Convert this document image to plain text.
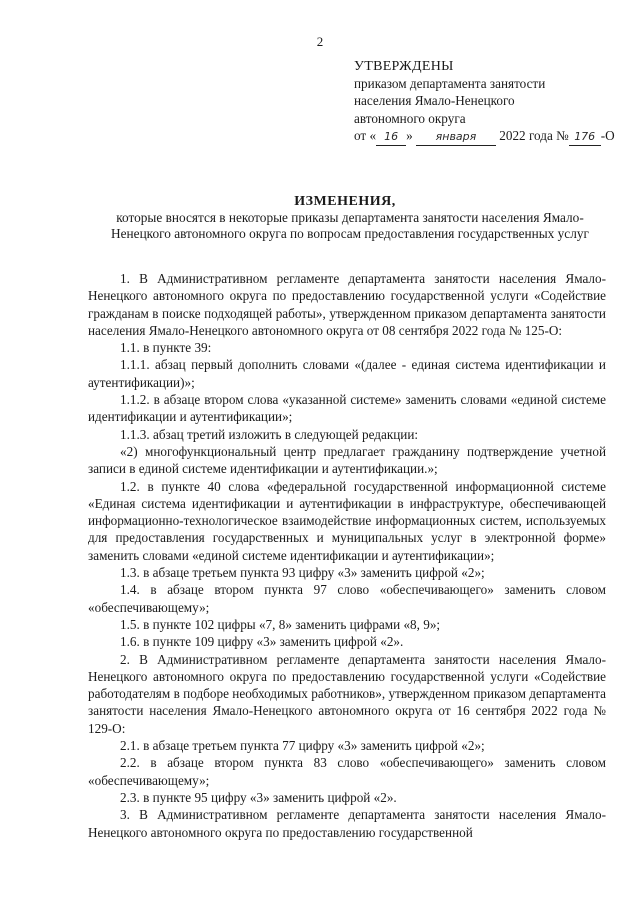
2
УТВЕРЖДЕНЫ
приказом департамента занятости
населения Ямало-Ненецкого
автономного округа
от « 16 » января 2022 года № 176 -О
ИЗМЕНЕНИЯ,
которые вносятся в некоторые приказы департамента занятости населения Ямало-Ненецкого автономного округа по вопросам предоставления государственных услуг

1. В Административном регламенте департамента занятости населения Ямало-Ненецкого автономного округа по предоставлению государственной услуги «Содействие гражданам в поиске подходящей работы», утвержденном приказом департамента занятости населения Ямало-Ненецкого автономного округа от 08 сентября 2022 года № 125-О:

1.1. в пункте 39:

1.1.1. абзац первый дополнить словами «(далее - единая система идентификации и аутентификации)»;

1.1.2. в абзаце втором слова «указанной системе» заменить словами «единой системе идентификации и аутентификации»;

1.1.3. абзац третий изложить в следующей редакции:

«2) многофункциональный центр предлагает гражданину подтверждение учетной записи в единой системе идентификации и аутентификации.»;

1.2. в пункте 40 слова «федеральной государственной информационной системе «Единая система идентификации и аутентификации в инфраструктуре, обеспечивающей информационно-технологическое взаимодействие информационных систем, используемых для предоставления государственных и муниципальных услуг в электронной форме» заменить словами «единой системе идентификации и аутентификации»;

1.3. в абзаце третьем пункта 93 цифру «3» заменить цифрой «2»;

1.4. в абзаце втором пункта 97 слово «обеспечивающего» заменить словом «обеспечивающему»;

1.5. в пункте 102 цифры «7, 8» заменить цифрами «8, 9»;

1.6. в пункте 109 цифру «3» заменить цифрой «2».

2. В Административном регламенте департамента занятости населения Ямало-Ненецкого автономного округа по предоставлению государственной услуги «Содействие работодателям в подборе необходимых работников», утвержденном приказом департамента занятости населения Ямало-Ненецкого автономного округа от 16 сентября 2022 года № 129-О:

2.1. в абзаце третьем пункта 77 цифру «3» заменить цифрой «2»;

2.2. в абзаце втором пункта 83 слово «обеспечивающего» заменить словом «обеспечивающему»;

2.3. в пункте 95 цифру «3» заменить цифрой «2».

3. В Административном регламенте департамента занятости населения Ямало-Ненецкого автономного округа по предоставлению государственной
